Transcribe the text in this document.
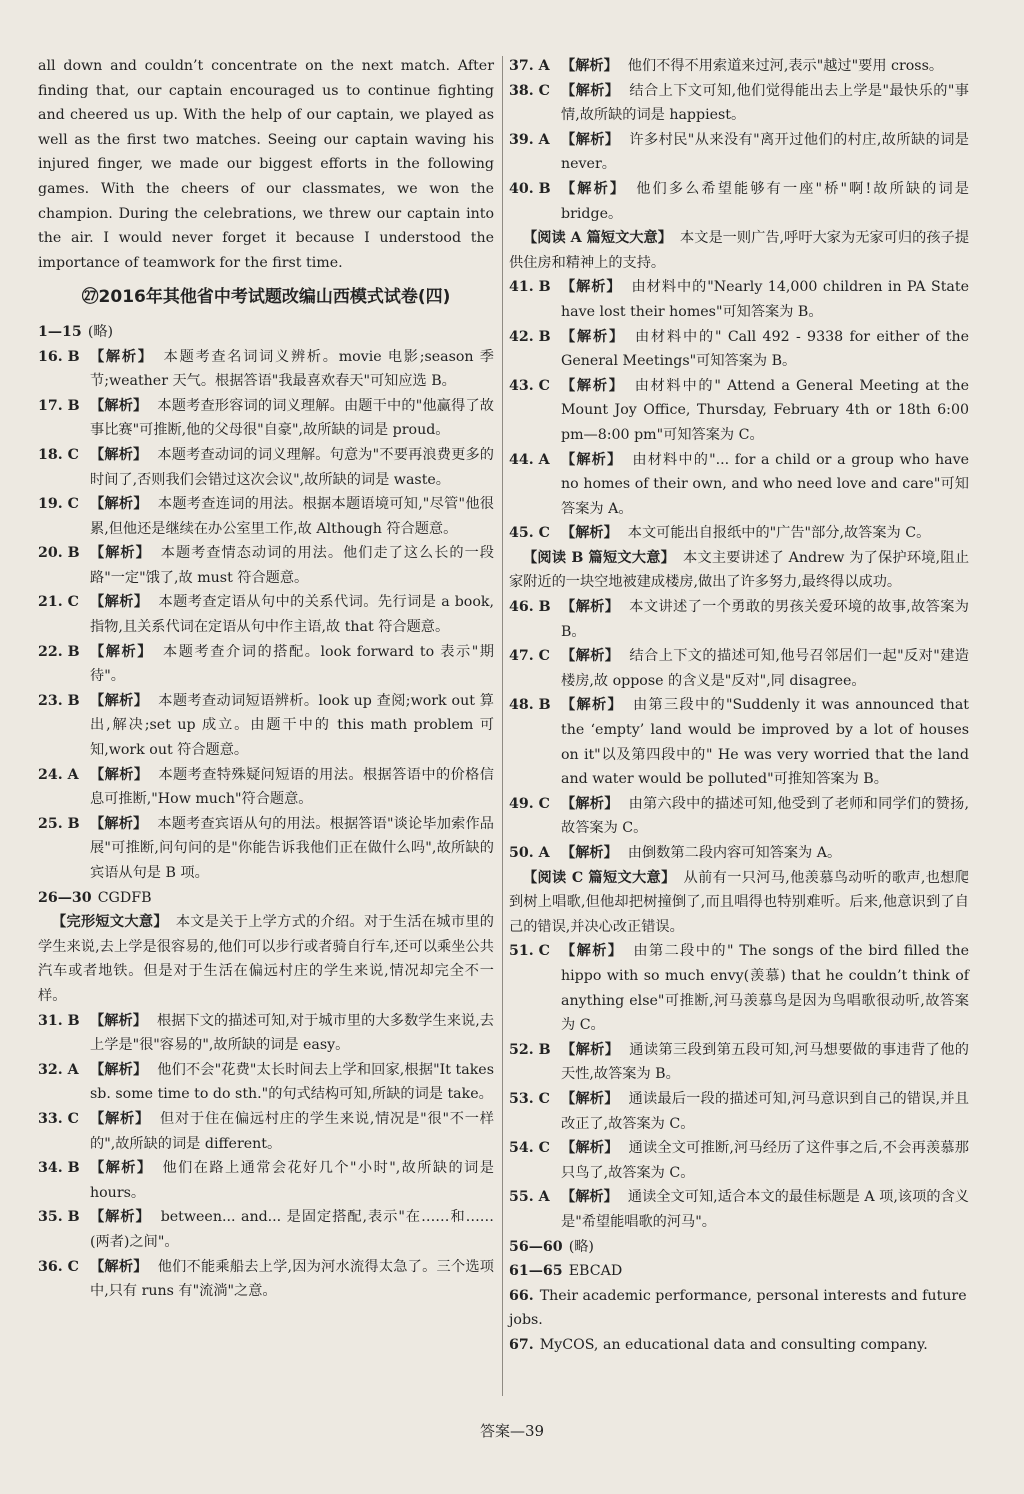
all down and couldn’t concentrate on the next match. After finding that, our captain encouraged us to continue fighting and cheered us up. With the help of our captain, we played as well as the first two matches. Seeing our captain waving his injured finger, we made our biggest efforts in the following games. With the cheers of our classmates, we won the champion. During the celebrations, we threw our captain into the air. I would never forget it because I understood the importance of teamwork for the first time.

㉗2016年其他省中考试题改编山西模式试卷(四)

1—15 (略)

16. B 【解析】 本题考查名词词义辨析。movie 电影;season 季节;weather 天气。根据答语"我最喜欢春天"可知应选 B。

17. B 【解析】 本题考查形容词的词义理解。由题干中的"他赢得了故事比赛"可推断,他的父母很"自豪",故所缺的词是 proud。

18. C 【解析】 本题考查动词的词义理解。句意为"不要再浪费更多的时间了,否则我们会错过这次会议",故所缺的词是 waste。

19. C 【解析】 本题考查连词的用法。根据本题语境可知,"尽管"他很累,但他还是继续在办公室里工作,故 Although 符合题意。

20. B 【解析】 本题考查情态动词的用法。他们走了这么长的一段路"一定"饿了,故 must 符合题意。

21. C 【解析】 本题考查定语从句中的关系代词。先行词是 a book,指物,且关系代词在定语从句中作主语,故 that 符合题意。

22. B 【解析】 本题考查介词的搭配。look forward to 表示"期待"。

23. B 【解析】 本题考查动词短语辨析。look up 查阅;work out 算出,解决;set up 成立。由题干中的 this math problem 可知,work out 符合题意。

24. A 【解析】 本题考查特殊疑问短语的用法。根据答语中的价格信息可推断,"How much"符合题意。

25. B 【解析】 本题考查宾语从句的用法。根据答语"谈论毕加索作品展"可推断,问句问的是"你能告诉我他们正在做什么吗",故所缺的宾语从句是 B 项。

26—30 CGDFB

【完形短文大意】 本文是关于上学方式的介绍。对于生活在城市里的学生来说,去上学是很容易的,他们可以步行或者骑自行车,还可以乘坐公共汽车或者地铁。但是对于生活在偏远村庄的学生来说,情况却完全不一样。

31. B 【解析】 根据下文的描述可知,对于城市里的大多数学生来说,去上学是"很"容易的",故所缺的词是 easy。

32. A 【解析】 他们不会"花费"太长时间去上学和回家,根据"It takes sb. some time to do sth."的句式结构可知,所缺的词是 take。

33. C 【解析】 但对于住在偏远村庄的学生来说,情况是"很"不一样的",故所缺的词是 different。

34. B 【解析】 他们在路上通常会花好几个"小时",故所缺的词是 hours。

35. B 【解析】 between... and... 是固定搭配,表示"在……和……(两者)之间"。

36. C 【解析】 他们不能乘船去上学,因为河水流得太急了。三个选项中,只有 runs 有"流淌"之意。

37. A 【解析】 他们不得不用索道来过河,表示"越过"要用 cross。

38. C 【解析】 结合上下文可知,他们觉得能出去上学是"最快乐的"事情,故所缺的词是 happiest。

39. A 【解析】 许多村民"从来没有"离开过他们的村庄,故所缺的词是 never。

40. B 【解析】 他们多么希望能够有一座"桥"啊!故所缺的词是 bridge。

【阅读 A 篇短文大意】 本文是一则广告,呼吁大家为无家可归的孩子提供住房和精神上的支持。

41. B 【解析】 由材料中的"Nearly 14,000 children in PA State have lost their homes"可知答案为 B。

42. B 【解析】 由材料中的" Call 492 - 9338 for either of the General Meetings"可知答案为 B。

43. C 【解析】 由材料中的" Attend a General Meeting at the Mount Joy Office, Thursday, February 4th or 18th 6:00 pm—8:00 pm"可知答案为 C。

44. A 【解析】 由材料中的"... for a child or a group who have no homes of their own, and who need love and care"可知答案为 A。

45. C 【解析】 本文可能出自报纸中的"广告"部分,故答案为 C。

【阅读 B 篇短文大意】 本文主要讲述了 Andrew 为了保护环境,阻止家附近的一块空地被建成楼房,做出了许多努力,最终得以成功。

46. B 【解析】 本文讲述了一个勇敢的男孩关爱环境的故事,故答案为 B。

47. C 【解析】 结合上下文的描述可知,他号召邻居们一起"反对"建造楼房,故 oppose 的含义是"反对",同 disagree。

48. B 【解析】 由第三段中的"Suddenly it was announced that the ‘empty’ land would be improved by a lot of houses on it"以及第四段中的" He was very worried that the land and water would be polluted"可推知答案为 B。

49. C 【解析】 由第六段中的描述可知,他受到了老师和同学们的赞扬,故答案为 C。

50. A 【解析】 由倒数第二段内容可知答案为 A。

【阅读 C 篇短文大意】 从前有一只河马,他羡慕鸟动听的歌声,也想爬到树上唱歌,但他却把树撞倒了,而且唱得也特别难听。后来,他意识到了自己的错误,并决心改正错误。

51. C 【解析】 由第二段中的" The songs of the bird filled the hippo with so much envy(羡慕) that he couldn’t think of anything else"可推断,河马羡慕鸟是因为鸟唱歌很动听,故答案为 C。

52. B 【解析】 通读第三段到第五段可知,河马想要做的事违背了他的天性,故答案为 B。

53. C 【解析】 通读最后一段的描述可知,河马意识到自己的错误,并且改正了,故答案为 C。

54. C 【解析】 通读全文可推断,河马经历了这件事之后,不会再羡慕那只鸟了,故答案为 C。

55. A 【解析】 通读全文可知,适合本文的最佳标题是 A 项,该项的含义是"希望能唱歌的河马"。

56—60 (略)

61—65 EBCAD

66. Their academic performance, personal interests and future jobs.

67. MyCOS, an educational data and consulting company.

答案—39
